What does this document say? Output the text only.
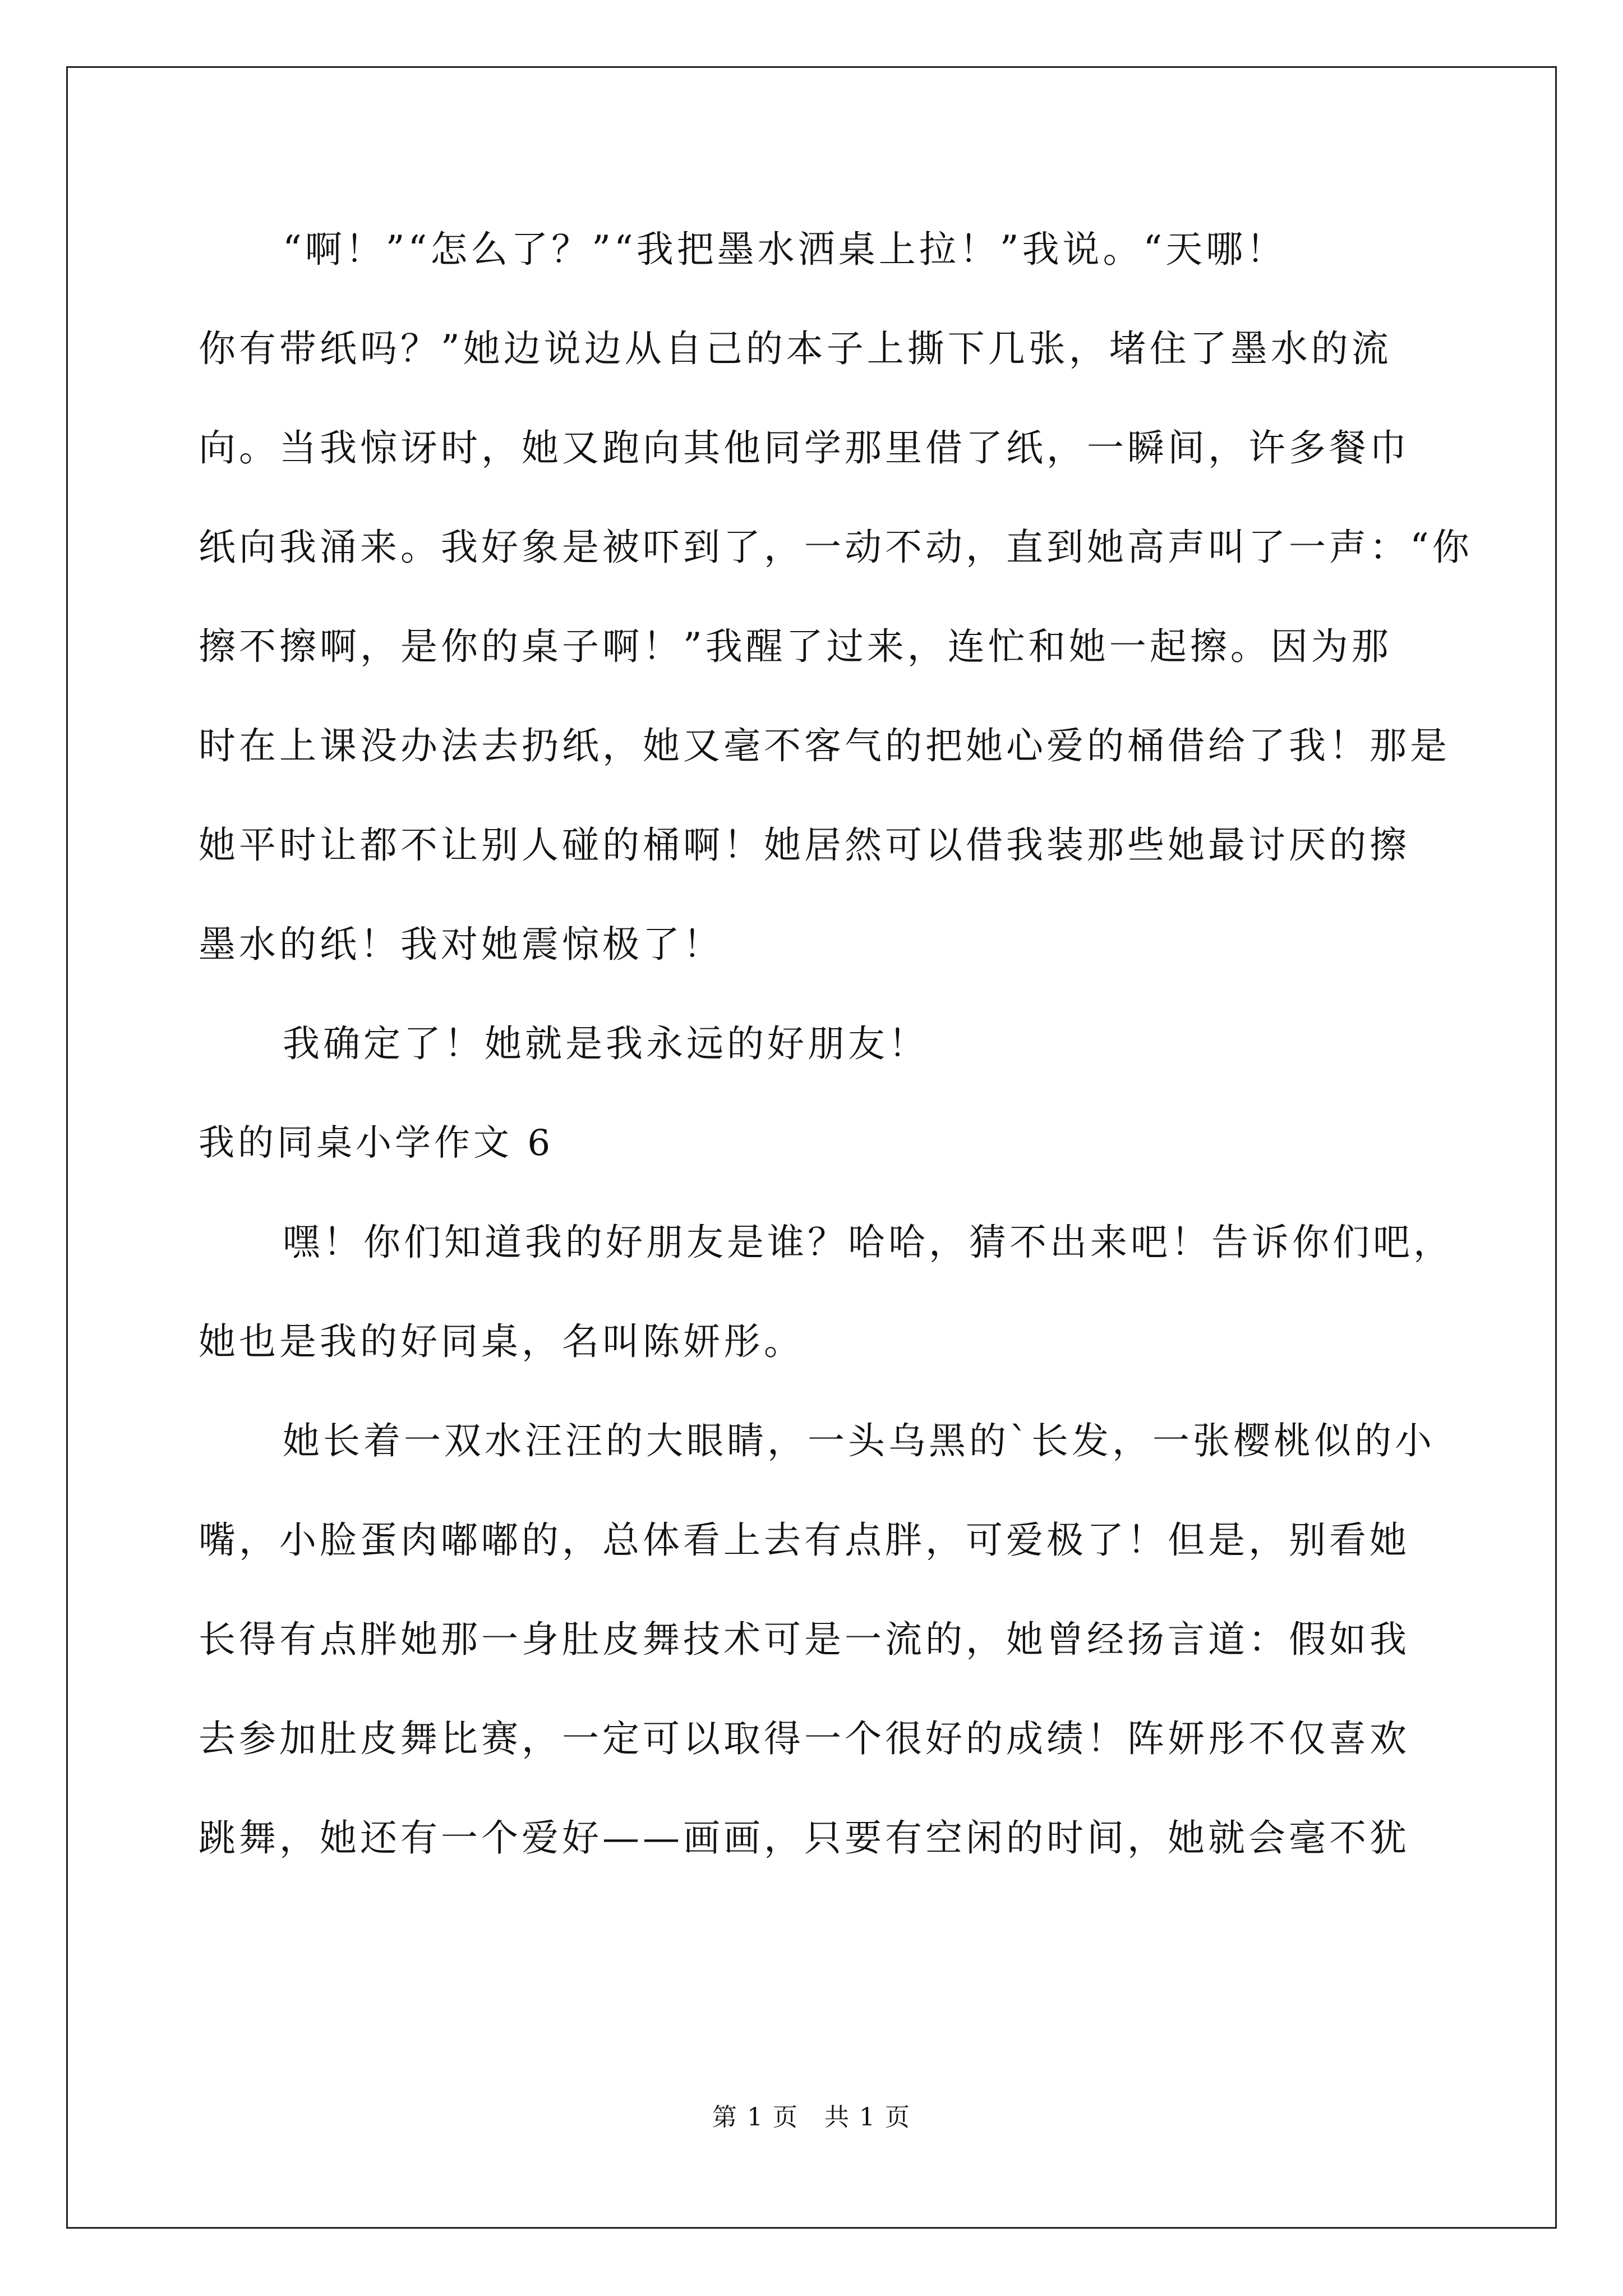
“啊！”“怎么了？”“我把墨水洒桌上拉！”我说。“天哪！
你有带纸吗？”她边说边从自己的本子上撕下几张，堵住了墨水的流
向。当我惊讶时，她又跑向其他同学那里借了纸，一瞬间，许多餐巾
纸向我涌来。我好象是被吓到了，一动不动，直到她高声叫了一声：“你
擦不擦啊，是你的桌子啊！”我醒了过来，连忙和她一起擦。因为那
时在上课没办法去扔纸，她又毫不客气的把她心爱的桶借给了我！那是
她平时让都不让别人碰的桶啊！她居然可以借我装那些她最讨厌的擦
墨水的纸！我对她震惊极了！
我确定了！她就是我永远的好朋友！
我的同桌小学作文 6
嘿！你们知道我的好朋友是谁？哈哈，猜不出来吧！告诉你们吧，
她也是我的好同桌，名叫陈妍彤。
她长着一双水汪汪的大眼睛，一头乌黑的`长发，一张樱桃似的小
嘴，小脸蛋肉嘟嘟的，总体看上去有点胖，可爱极了！但是，别看她
长得有点胖她那一身肚皮舞技术可是一流的，她曾经扬言道：假如我
去参加肚皮舞比赛，一定可以取得一个很好的成绩！阵妍彤不仅喜欢
跳舞，她还有一个爱好——画画，只要有空闲的时间，她就会毫不犹
第 1 页　共 1 页
